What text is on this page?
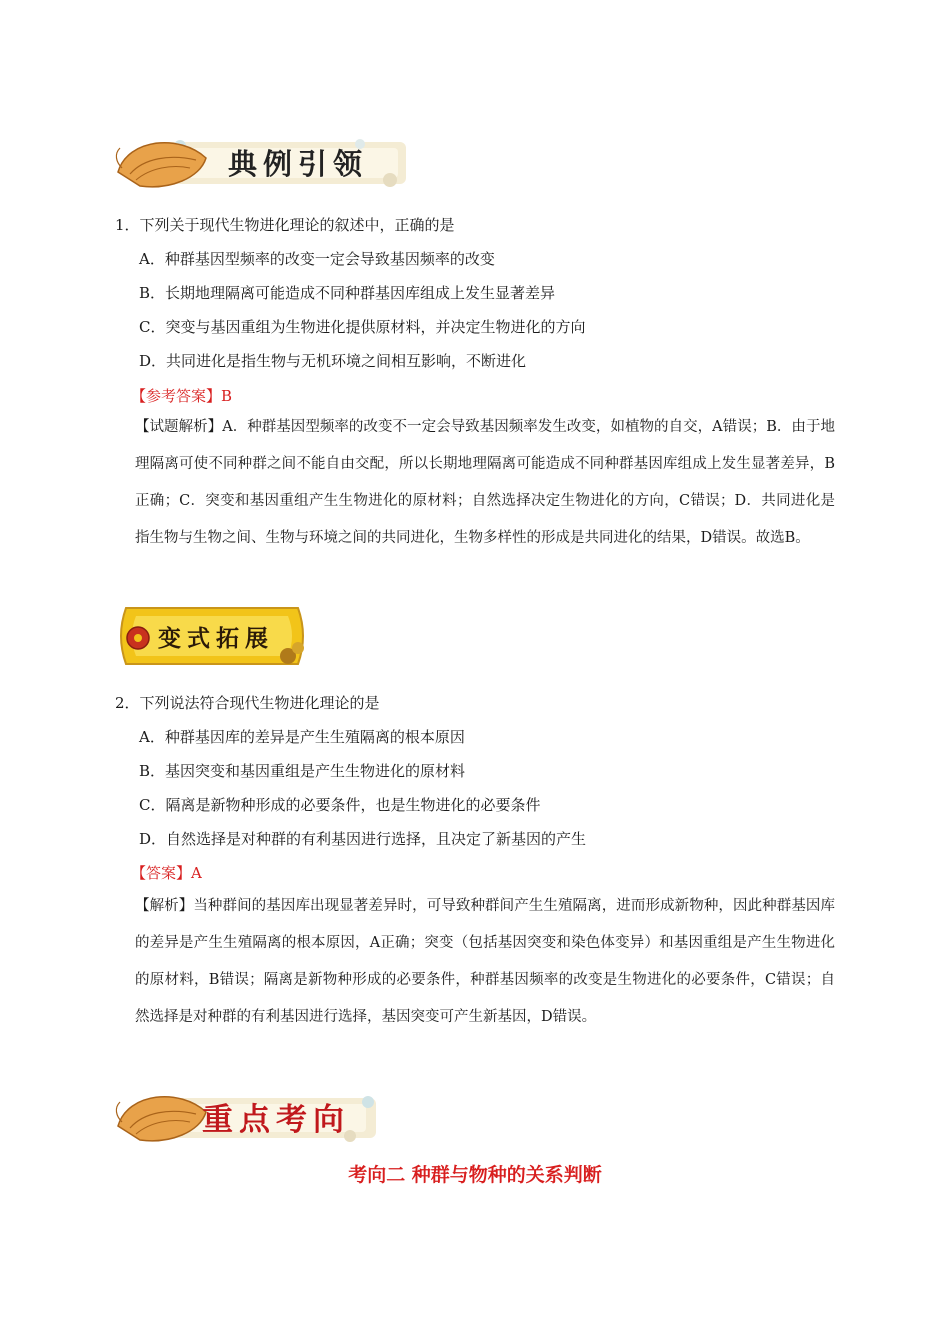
典例引领
1．下列关于现代生物进化理论的叙述中，正确的是
A．种群基因型频率的改变一定会导致基因频率的改变
B．长期地理隔离可能造成不同种群基因库组成上发生显著差异
C．突变与基因重组为生物进化提供原材料，并决定生物进化的方向
D．共同进化是指生物与无机环境之间相互影响，不断进化
【参考答案】B
【试题解析】A．种群基因型频率的改变不一定会导致基因频率发生改变，如植物的自交，A错误；B．由于地理隔离可使不同种群之间不能自由交配，所以长期地理隔离可能造成不同种群基因库组成上发生显著差异，B正确；C．突变和基因重组产生生物进化的原材料；自然选择决定生物进化的方向，C错误；D．共同进化是指生物与生物之间、生物与环境之间的共同进化，生物多样性的形成是共同进化的结果，D错误。故选B。
变式拓展
2．下列说法符合现代生物进化理论的是
A．种群基因库的差异是产生生殖隔离的根本原因
B．基因突变和基因重组是产生生物进化的原材料
C．隔离是新物种形成的必要条件，也是生物进化的必要条件
D．自然选择是对种群的有利基因进行选择，且决定了新基因的产生
【答案】A
【解析】当种群间的基因库出现显著差异时，可导致种群间产生生殖隔离，进而形成新物种，因此种群基因库的差异是产生生殖隔离的根本原因，A正确；突变（包括基因突变和染色体变异）和基因重组是产生生物进化的原材料，B错误；隔离是新物种形成的必要条件，种群基因频率的改变是生物进化的必要条件，C错误；自然选择是对种群的有利基因进行选择，基因突变可产生新基因，D错误。
重点考向
考向二 种群与物种的关系判断
